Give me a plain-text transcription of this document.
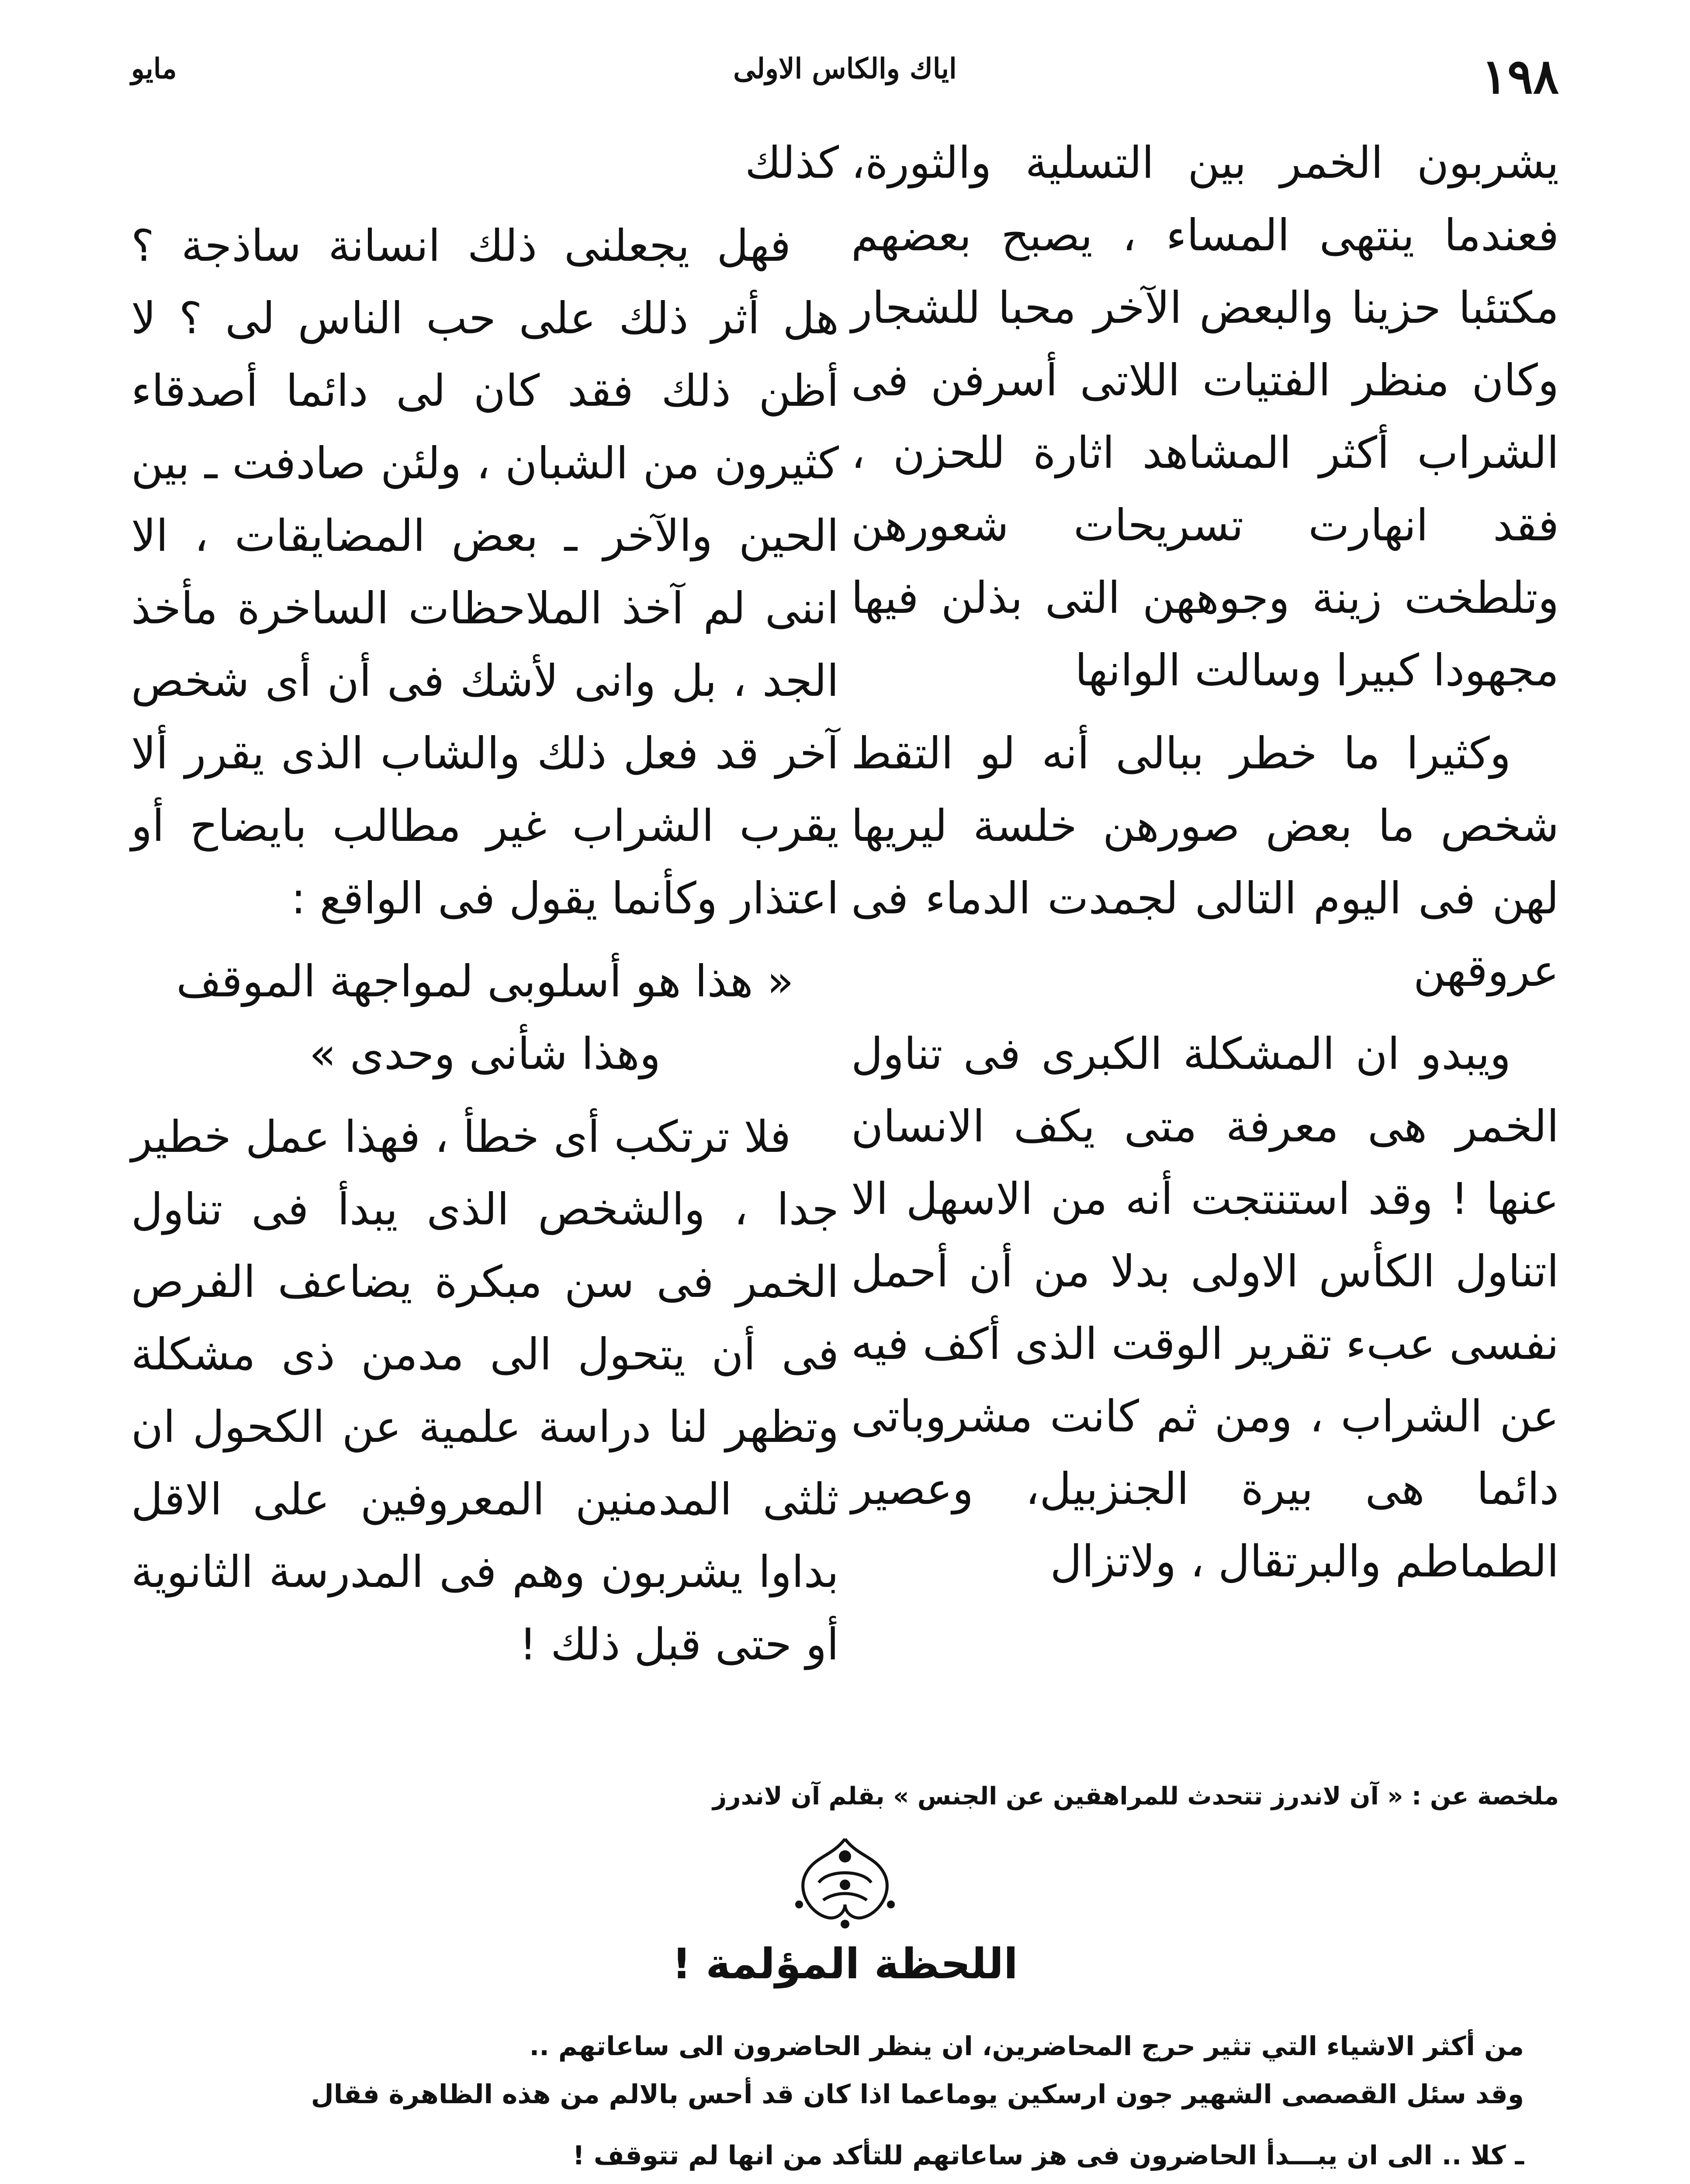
١٩٨
اياك والكاس الاولى
مايو

يشربون الخمر بين التسلية والثورة، فعندما ينتهى المساء ، يصبح بعضهم مكتئبا حزينا والبعض الآخر محبا للشجار وكان منظر الفتيات اللاتى أسرفن فى الشراب أكثر المشاهد اثارة للحزن ، فقد انهارت تسريحات شعورهن وتلطخت زينة وجوههن التى بذلن فيها مجهودا كبيرا وسالت الوانها

وكثيرا ما خطر ببالى أنه لو التقط شخص ما بعض صورهن خلسة ليريها لهن فى اليوم التالى لجمدت الدماء فى عروقهن

ويبدو ان المشكلة الكبرى فى تناول الخمر هى معرفة متى يكف الانسان عنها ! وقد استنتجت أنه من الاسهل الا اتناول الكأس الاولى بدلا من أن أحمل نفسى عبء تقرير الوقت الذى أكف فيه عن الشراب ، ومن ثم كانت مشروباتى دائما هى بيرة الجنزبيل، وعصير الطماطم والبرتقال ، ولاتزال

كذلك

فهل يجعلنى ذلك انسانة ساذجة ؟ هل أثر ذلك على حب الناس لى ؟ لا أظن ذلك فقد كان لى دائما أصدقاء كثيرون من الشبان ، ولئن صادفت ـ بين الحين والآخر ـ بعض المضايقات ، الا اننى لم آخذ الملاحظات الساخرة مأخذ الجد ، بل وانى لأشك فى أن أى شخص آخر قد فعل ذلك والشاب الذى يقرر ألا يقرب الشراب غير مطالب بايضاح أو اعتذار وكأنما يقول فى الواقع :

« هذا هو أسلوبى لمواجهة الموقف وهذا شأنى وحدى »

فلا ترتكب أى خطأ ، فهذا عمل خطير جدا ، والشخص الذى يبدأ فى تناول الخمر فى سن مبكرة يضاعف الفرص فى أن يتحول الى مدمن ذى مشكلة وتظهر لنا دراسة علمية عن الكحول ان ثلثى المدمنين المعروفين على الاقل بداوا يشربون وهم فى المدرسة الثانوية أو حتى قبل ذلك !

ملخصة عن : « آن لاندرز تتحدث للمراهقين عن الجنس » بقلم آن لاندرز
اللحظة المؤلمة !

من أكثر الاشياء التي تثير حرج المحاضرين، ان ينظر الحاضرون الى ساعاتهم ..

وقد سئل القصصى الشهير جون ارسكين يوماعما اذا كان قد أحس بالالم من هذه الظاهرة فقال

ـ كلا .. الى ان يبـــدأ الحاضرون فى هز ساعاتهم للتأكد من انها لم تتوقف !
